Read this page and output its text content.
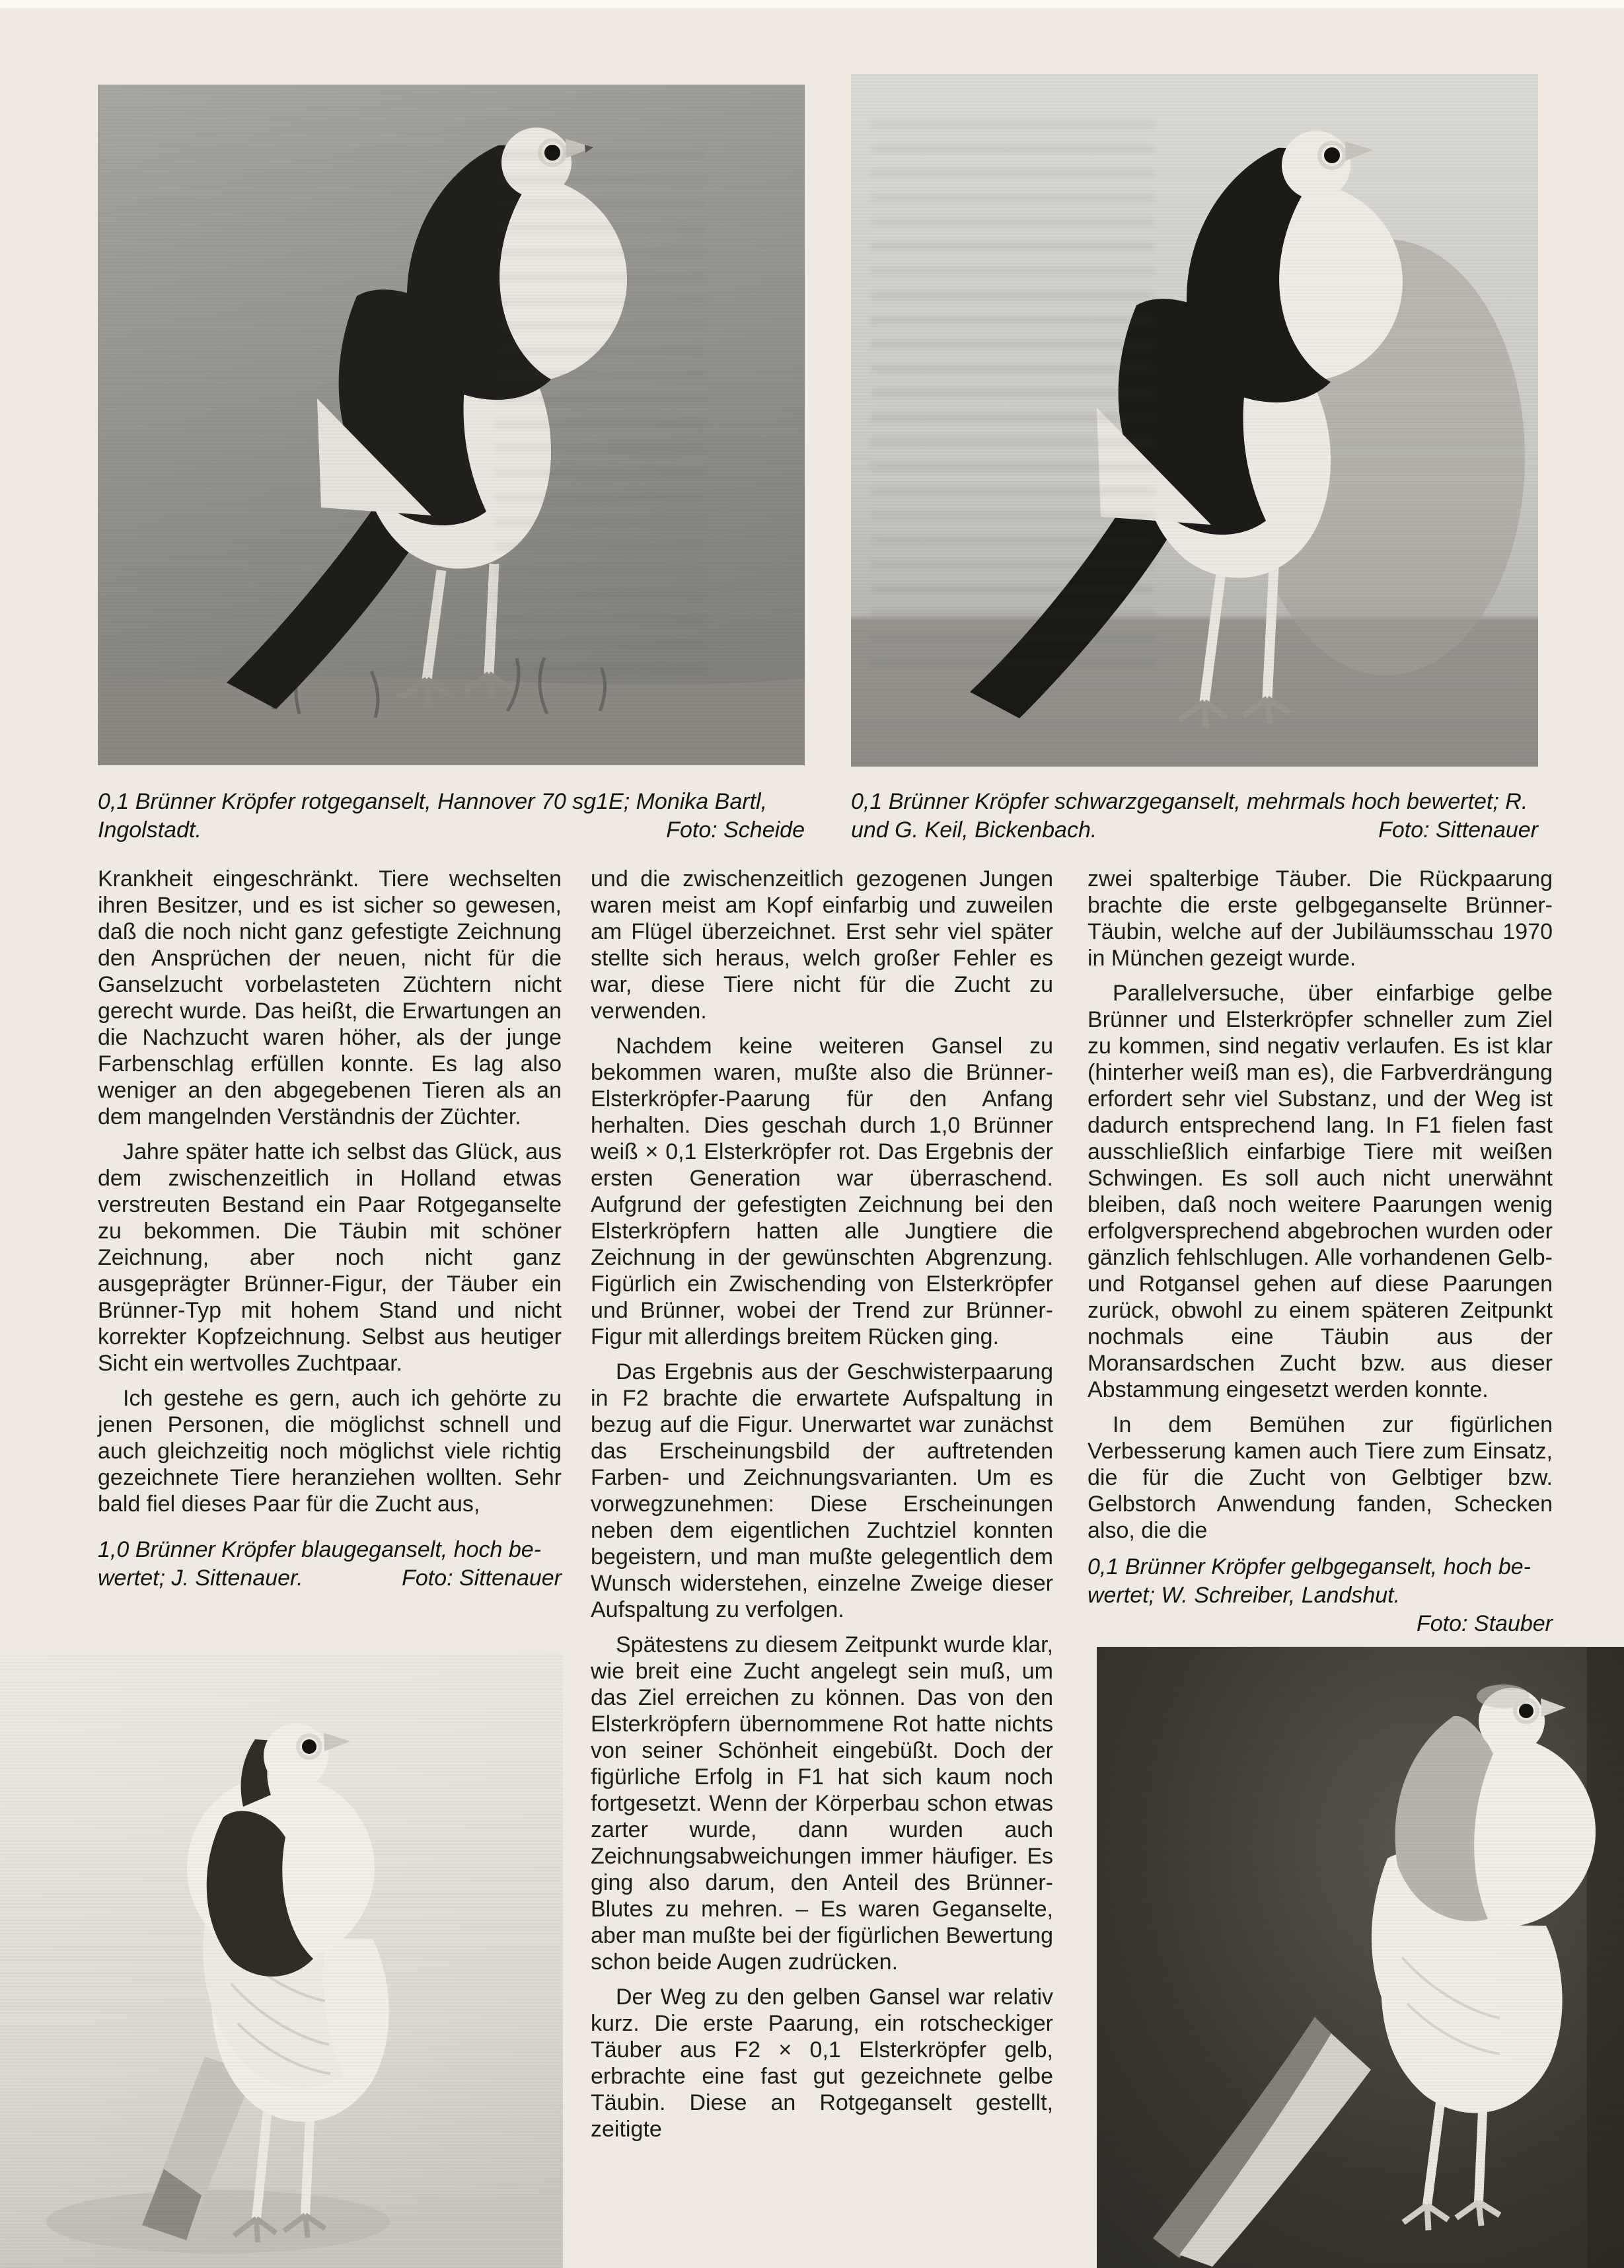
0,1 Brünner Kröpfer rotgeganselt, Hannover 70 sg1E; Monika Bartl,
Ingolstadt.	Foto: Scheide
0,1 Brünner Kröpfer schwarzgeganselt, mehrmals hoch bewertet; R.
und G. Keil, Bickenbach.	Foto: Sittenauer

Krankheit eingeschränkt. Tiere wechselten ihren Besitzer, und es ist sicher so gewesen, daß die noch nicht ganz gefestigte Zeichnung den Ansprüchen der neuen, nicht für die Ganselzucht vorbelasteten Züchtern nicht gerecht wurde. Das heißt, die Erwartungen an die Nachzucht waren höher, als der junge Farbenschlag erfüllen konnte. Es lag also weniger an den abgegebenen Tieren als an dem mangelnden Verständnis der Züchter.

Jahre später hatte ich selbst das Glück, aus dem zwischenzeitlich in Holland etwas verstreuten Bestand ein Paar Rotgeganselte zu bekommen. Die Täubin mit schöner Zeichnung, aber noch nicht ganz ausgeprägter Brünner-Figur, der Täuber ein Brünner-Typ mit hohem Stand und nicht korrekter Kopfzeichnung. Selbst aus heutiger Sicht ein wertvolles Zuchtpaar.

Ich gestehe es gern, auch ich gehörte zu jenen Personen, die möglichst schnell und auch gleichzeitig noch möglichst viele richtig gezeichnete Tiere heranziehen wollten. Sehr bald fiel dieses Paar für die Zucht aus,

1,0 Brünner Kröpfer blaugeganselt, hoch be-
wertet; J. Sittenauer.	Foto: Sittenauer

und die zwischenzeitlich gezogenen Jungen waren meist am Kopf einfarbig und zuweilen am Flügel überzeichnet. Erst sehr viel später stellte sich heraus, welch großer Fehler es war, diese Tiere nicht für die Zucht zu verwenden.

Nachdem keine weiteren Gansel zu bekommen waren, mußte also die Brünner-Elsterkröpfer-Paarung für den Anfang herhalten. Dies geschah durch 1,0 Brünner weiß × 0,1 Elsterkröpfer rot. Das Ergebnis der ersten Generation war überraschend. Aufgrund der gefestigten Zeichnung bei den Elsterkröpfern hatten alle Jungtiere die Zeichnung in der gewünschten Abgrenzung. Figürlich ein Zwischending von Elsterkröpfer und Brünner, wobei der Trend zur Brünner-Figur mit allerdings breitem Rücken ging.

Das Ergebnis aus der Geschwisterpaarung in F2 brachte die erwartete Aufspaltung in bezug auf die Figur. Unerwartet war zunächst das Erscheinungsbild der auftretenden Farben- und Zeichnungsvarianten. Um es vorwegzunehmen: Diese Erscheinungen neben dem eigentlichen Zuchtziel konnten begeistern, und man mußte gelegentlich dem Wunsch widerstehen, einzelne Zweige dieser Aufspaltung zu verfolgen.

Spätestens zu diesem Zeitpunkt wurde klar, wie breit eine Zucht angelegt sein muß, um das Ziel erreichen zu können. Das von den Elsterkröpfern übernommene Rot hatte nichts von seiner Schönheit eingebüßt. Doch der figürliche Erfolg in F1 hat sich kaum noch fortgesetzt. Wenn der Körperbau schon etwas zarter wurde, dann wurden auch Zeichnungsabweichungen immer häufiger. Es ging also darum, den Anteil des Brünner-Blutes zu mehren. – Es waren Geganselte, aber man mußte bei der figürlichen Bewertung schon beide Augen zudrücken.

Der Weg zu den gelben Gansel war relativ kurz. Die erste Paarung, ein rotscheckiger Täuber aus F2 × 0,1 Elsterkröpfer gelb, erbrachte eine fast gut gezeichnete gelbe Täubin. Diese an Rotgeganselt gestellt, zeitigte

zwei spalterbige Täuber. Die Rückpaarung brachte die erste gelbgeganselte Brünner-Täubin, welche auf der Jubiläumsschau 1970 in München gezeigt wurde.

Parallelversuche, über einfarbige gelbe Brünner und Elsterkröpfer schneller zum Ziel zu kommen, sind negativ verlaufen. Es ist klar (hinterher weiß man es), die Farbverdrängung erfordert sehr viel Substanz, und der Weg ist dadurch entsprechend lang. In F1 fielen fast ausschließlich einfarbige Tiere mit weißen Schwingen. Es soll auch nicht unerwähnt bleiben, daß noch weitere Paarungen wenig erfolgversprechend abgebrochen wurden oder gänzlich fehlschlugen. Alle vorhandenen Gelb- und Rotgansel gehen auf diese Paarungen zurück, obwohl zu einem späteren Zeitpunkt nochmals eine Täubin aus der Moransardschen Zucht bzw. aus dieser Abstammung eingesetzt werden konnte.

In dem Bemühen zur figürlichen Verbesserung kamen auch Tiere zum Einsatz, die für die Zucht von Gelbtiger bzw. Gelbstorch Anwendung fanden, Schecken also, die die

0,1 Brünner Kröpfer gelbgeganselt, hoch be-
wertet; W. Schreiber, Landshut.
Foto: Stauber
